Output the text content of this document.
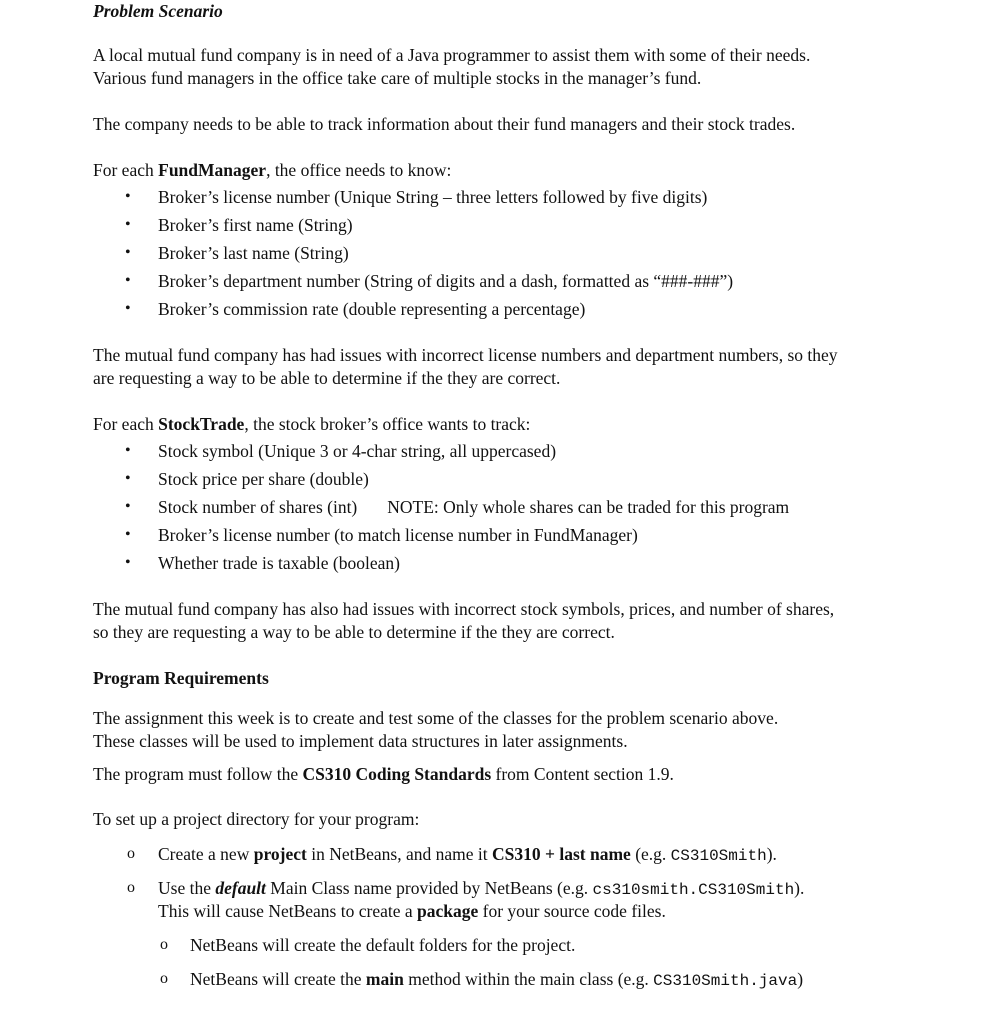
Problem Scenario
A local mutual fund company is in need of a Java programmer to assist them with some of their needs.
Various fund managers in the office take care of multiple stocks in the manager’s fund.
The company needs to be able to track information about their fund managers and their stock trades.
For each FundManager, the office needs to know:
• Broker’s license number (Unique String – three letters followed by five digits)
• Broker’s first name (String)
• Broker’s last name (String)
• Broker’s department number (String of digits and a dash, formatted as “###-###”)
• Broker’s commission rate (double representing a percentage)
The mutual fund company has had issues with incorrect license numbers and department numbers, so they
are requesting a way to be able to determine if the they are correct.
For each StockTrade, the stock broker’s office wants to track:
• Stock symbol (Unique 3 or 4-char string, all uppercased)
• Stock price per share (double)
• Stock number of shares (int) NOTE: Only whole shares can be traded for this program
• Broker’s license number (to match license number in FundManager)
• Whether trade is taxable (boolean)
The mutual fund company has also had issues with incorrect stock symbols, prices, and number of shares,
so they are requesting a way to be able to determine if the they are correct.
Program Requirements
The assignment this week is to create and test some of the classes for the problem scenario above.
These classes will be used to implement data structures in later assignments.
The program must follow the CS310 Coding Standards from Content section 1.9.
To set up a project directory for your program:
o Create a new project in NetBeans, and name it CS310 + last name (e.g. CS310Smith).
o Use the default Main Class name provided by NetBeans (e.g. cs310smith.CS310Smith).
This will cause NetBeans to create a package for your source code files.
o NetBeans will create the default folders for the project.
o NetBeans will create the main method within the main class (e.g. CS310Smith.java)
